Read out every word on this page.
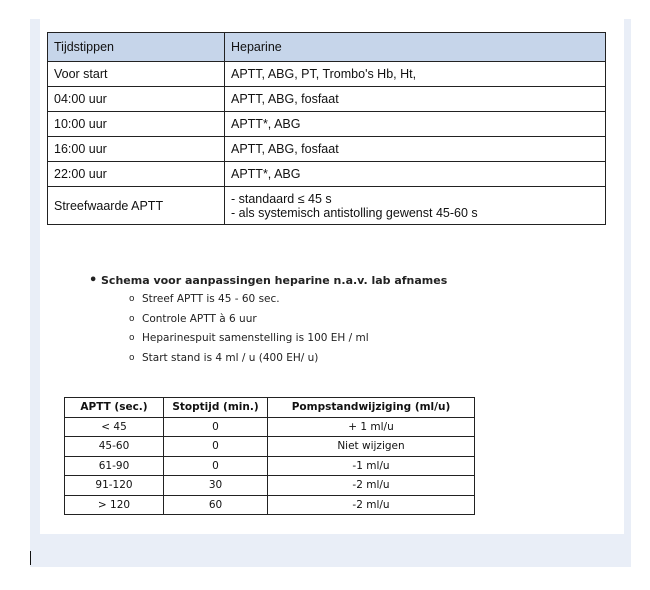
Tijdstippen	Heparine
Voor start	APTT, ABG, PT, Trombo's Hb, Ht,
04:00 uur	APTT, ABG, fosfaat
10:00 uur	APTT*, ABG
16:00 uur	APTT, ABG, fosfaat
22:00 uur	APTT*, ABG
Streefwaarde APTT	- standaard ≤ 45 s
- als systemisch antistolling gewenst 45-60 s
• Schema voor aanpassingen heparine n.a.v. lab afnames
o Streef APTT is 45 - 60 sec.
o Controle APTT à 6 uur
o Heparinespuit samenstelling is 100 EH / ml
o Start stand is 4 ml / u (400 EH/ u)
APTT (sec.)	Stoptijd (min.)	Pompstandwijziging (ml/u)
< 45	0	+ 1 ml/u
45-60	0	Niet wijzigen
61-90	0	-1 ml/u
91-120	30	-2 ml/u
> 120	60	-2 ml/u
